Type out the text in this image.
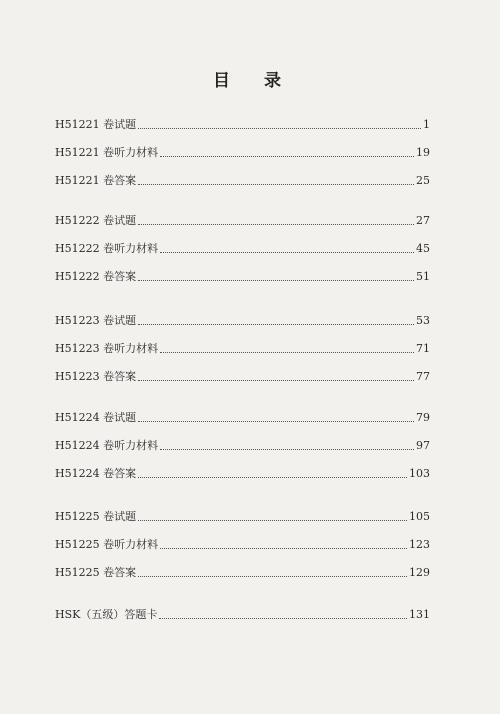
目 录
H51221 卷试题	1
H51221 卷听力材料	19
H51221 卷答案	25
H51222 卷试题	27
H51222 卷听力材料	45
H51222 卷答案	51
H51223 卷试题	53
H51223 卷听力材料	71
H51223 卷答案	77
H51224 卷试题	79
H51224 卷听力材料	97
H51224 卷答案	103
H51225 卷试题	105
H51225 卷听力材料	123
H51225 卷答案	129
HSK（五级）答题卡	131
